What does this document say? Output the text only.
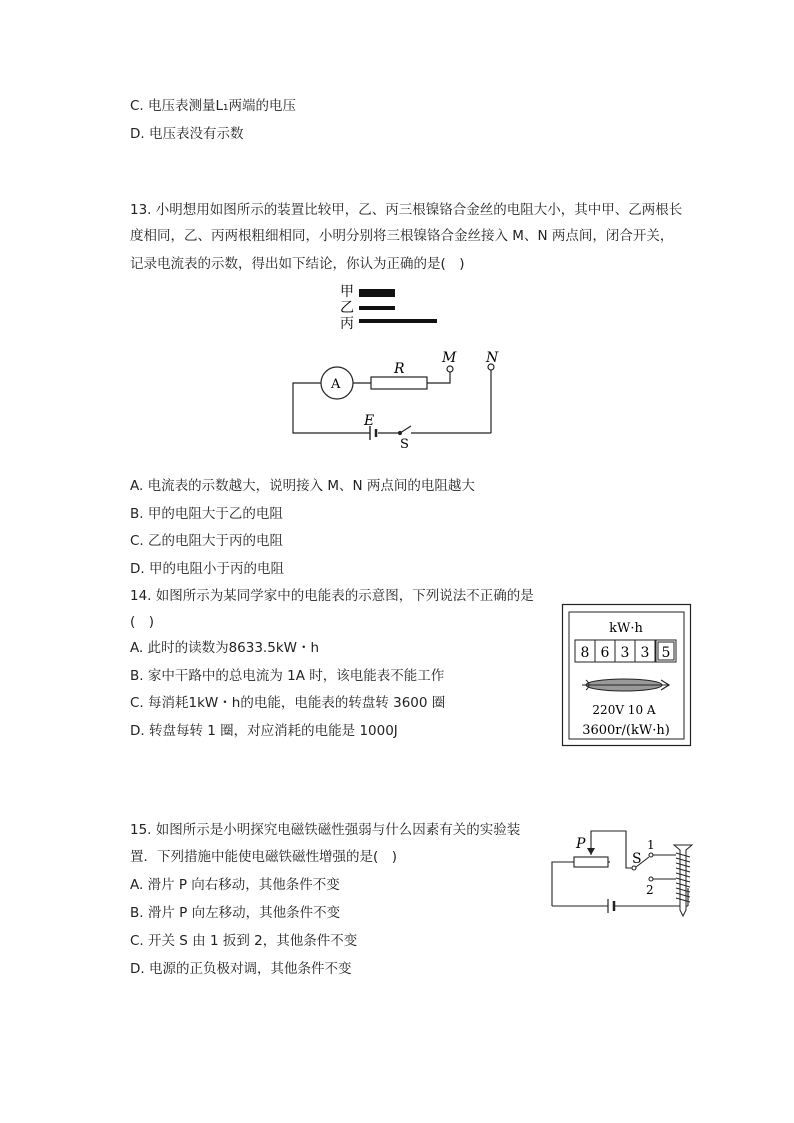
C. 电压表测量L₁两端的电压
D. 电压表没有示数
13. 小明想用如图所示的装置比较甲，乙、丙三根镍铬合金丝的电阻大小，其中甲、乙两根长
度相同，乙、丙两根粗细相同，小明分别将三根镍铬合金丝接入 M、N 两点间，闭合开关，
记录电流表的示数，得出如下结论，你认为正确的是(　)
甲
乙
丙
A
R
M N
E
S
A. 电流表的示数越大，说明接入 M、N 两点间的电阻越大
B. 甲的电阻大于乙的电阻
C. 乙的电阻大于丙的电阻
D. 甲的电阻小于丙的电阻
14. 如图所示为某同学家中的电能表的示意图，下列说法不正确的是
(　)
A. 此时的读数为8633.5kW・h
B. 家中干路中的总电流为 1A 时，该电能表不能工作
C. 每消耗1kW・h的电能，电能表的转盘转 3600 圈
D. 转盘每转 1 圈，对应消耗的电能是 1000J
kW·h
8 6 3 3 5
220V 10 A
3600r/(kW·h)
15. 如图所示是小明探究电磁铁磁性强弱与什么因素有关的实验装
置．下列措施中能使电磁铁磁性增强的是(　)
A. 滑片 P 向右移动，其他条件不变
B. 滑片 P 向左移动，其他条件不变
C. 开关 S 由 1 扳到 2，其他条件不变
D. 电源的正负极对调，其他条件不变
P
S
1
2
